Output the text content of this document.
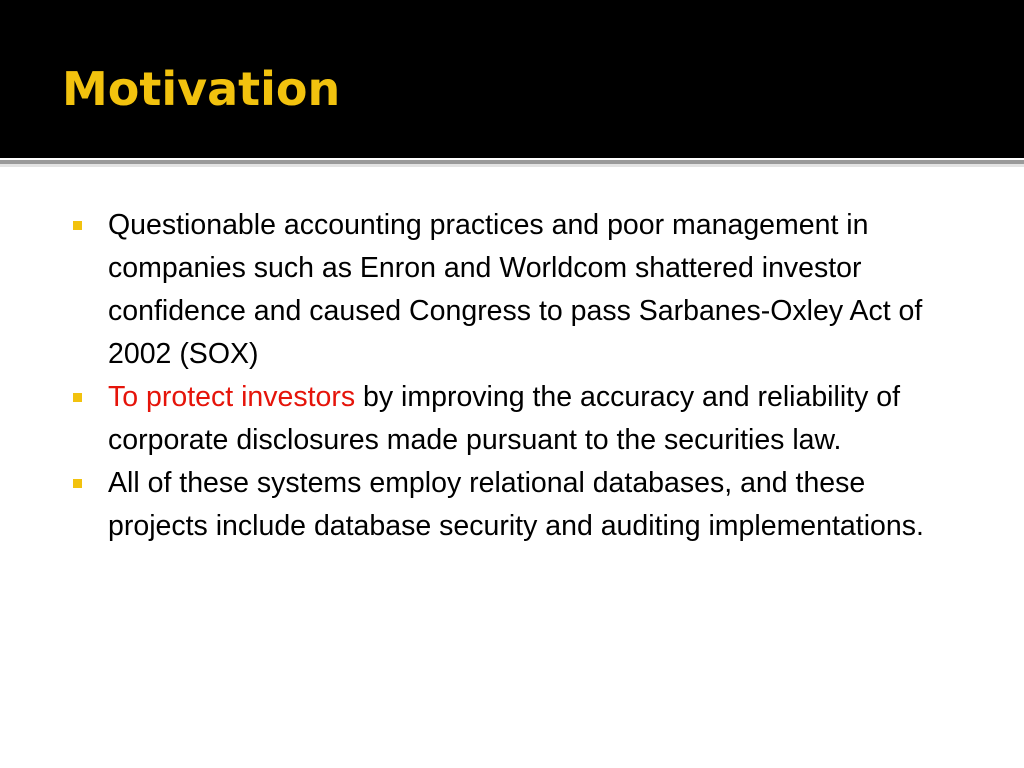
Motivation
Questionable accounting practices and poor management in companies such as Enron and Worldcom shattered investor confidence and caused Congress to pass Sarbanes-Oxley Act of 2002 (SOX)
To protect investors by improving the accuracy and reliability of corporate disclosures made pursuant to the securities law.
All of these systems employ relational databases, and these projects include database security and auditing implementations.
